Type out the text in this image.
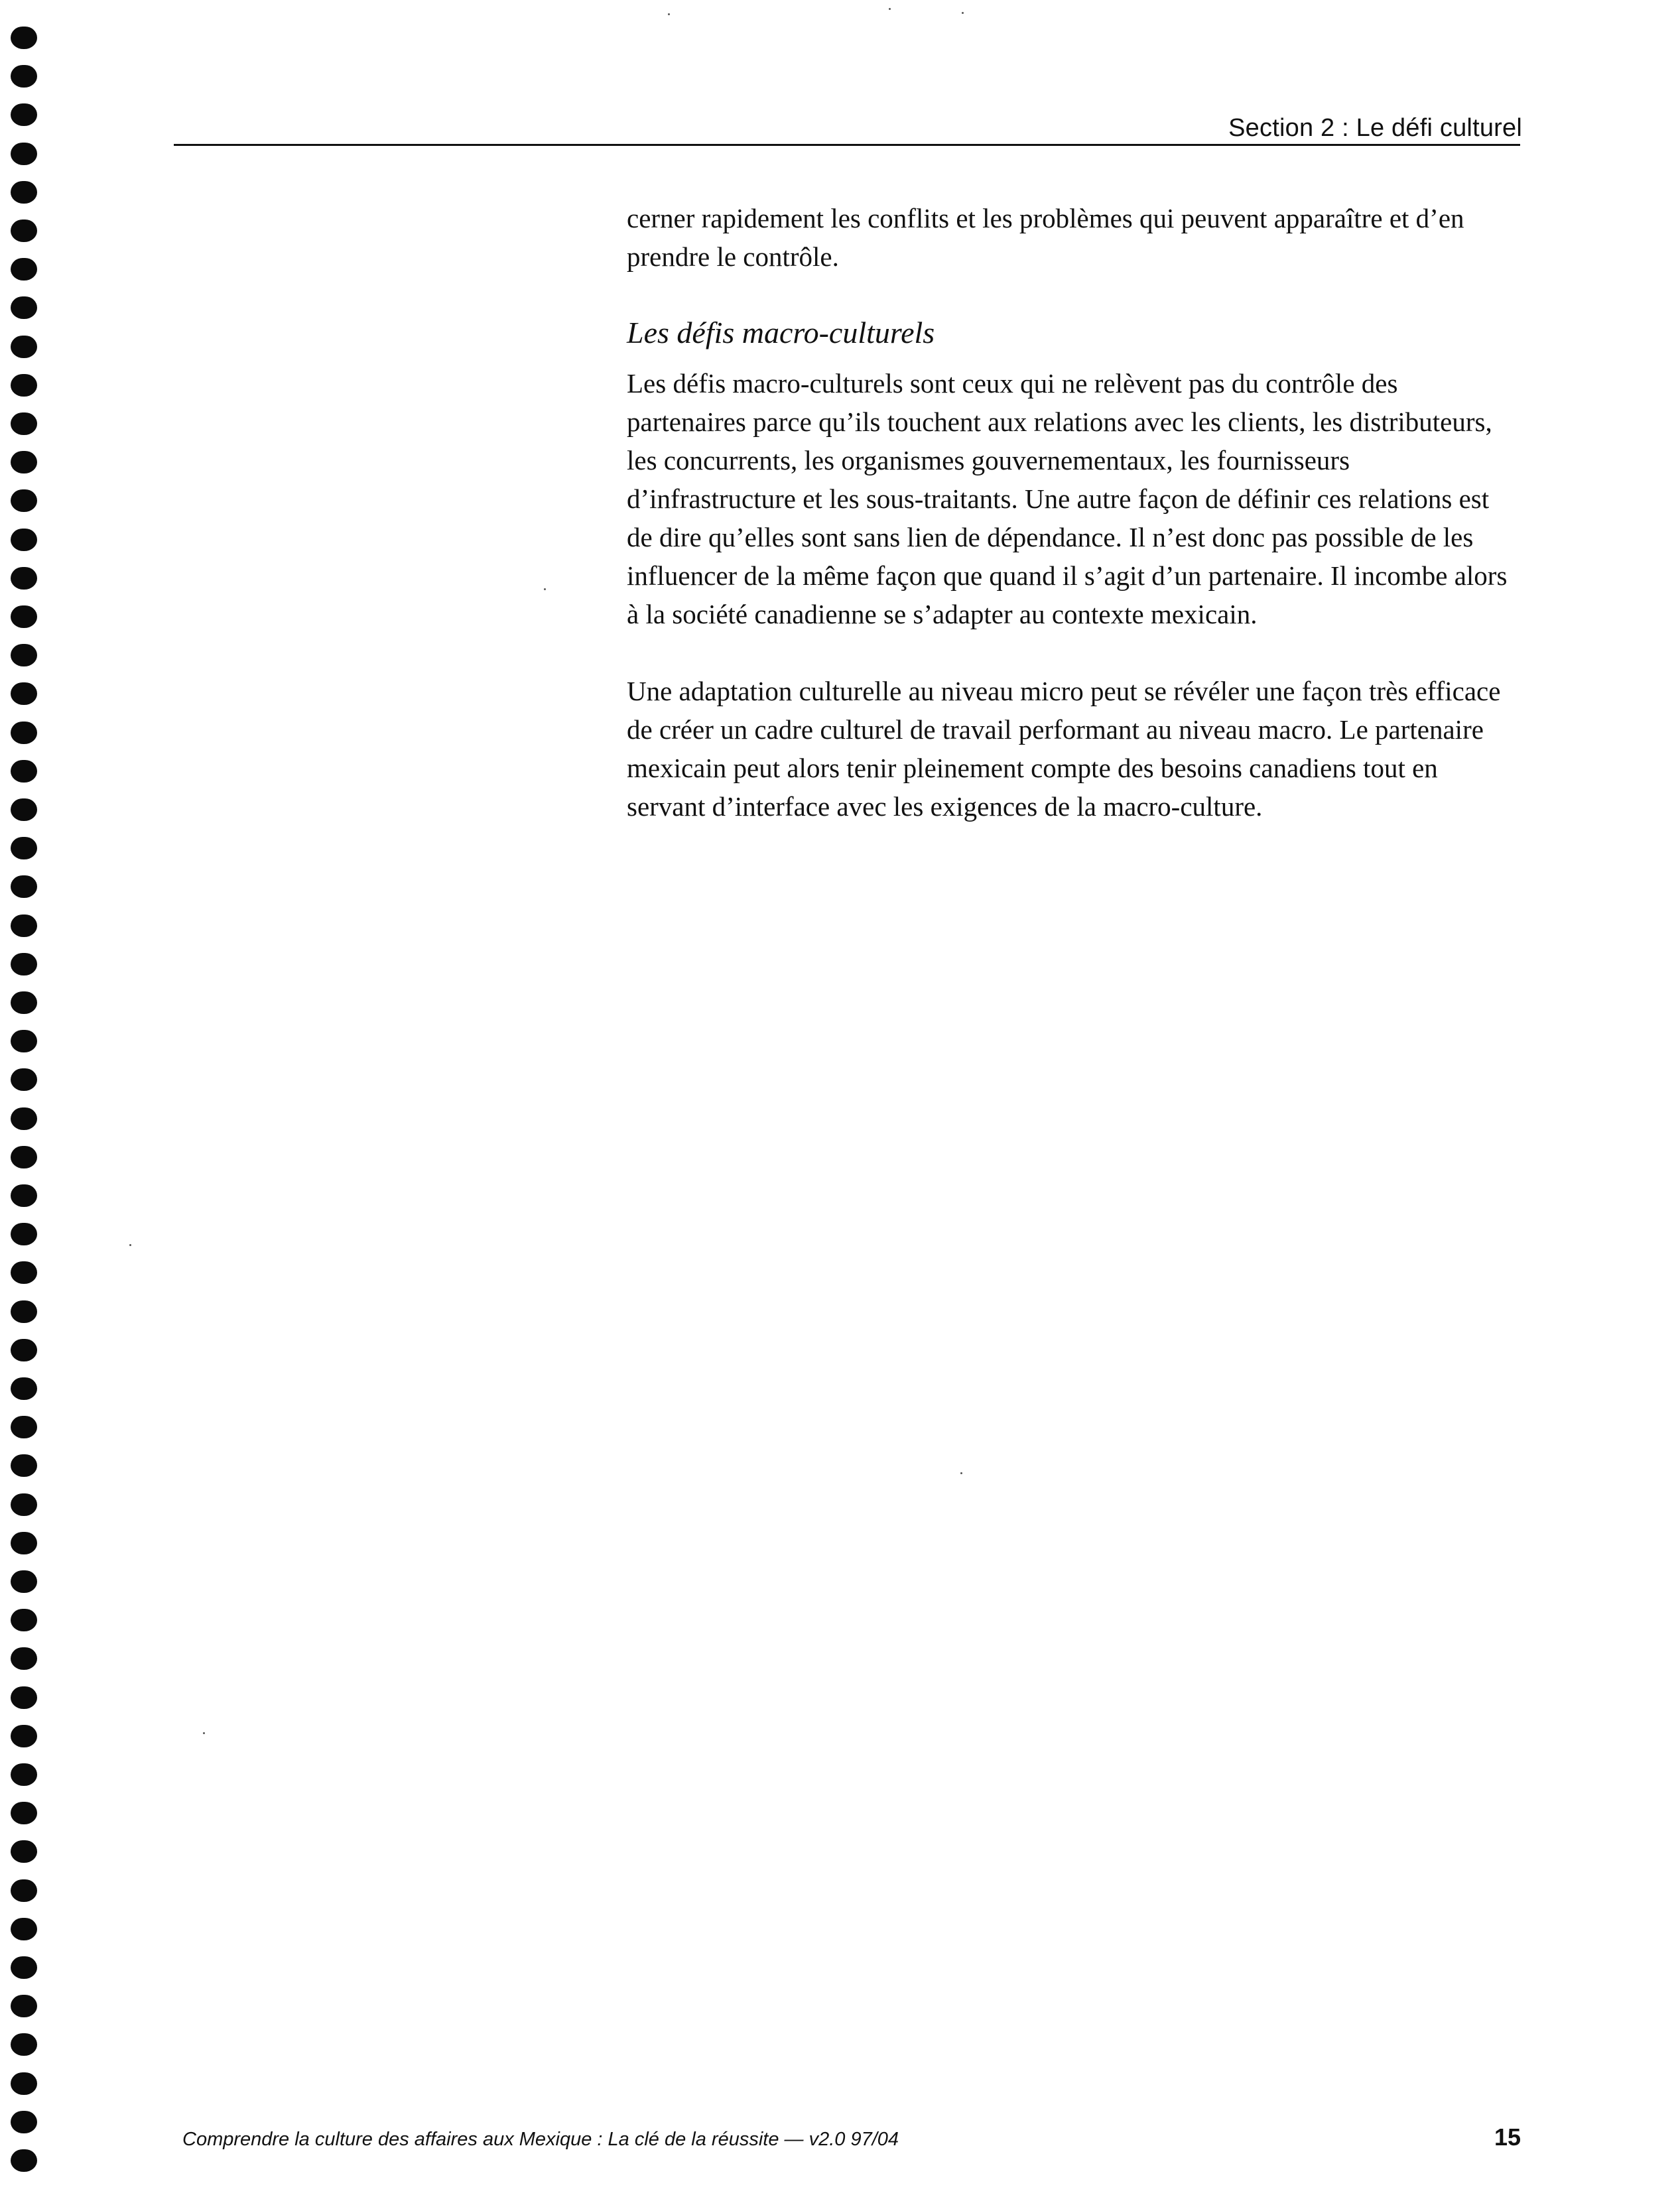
Section 2 : Le défi culturel

cerner rapidement les conflits et les problèmes qui peuvent apparaître et d’en prendre le contrôle.

Les défis macro-culturels

Les défis macro-culturels sont ceux qui ne relèvent pas du contrôle des partenaires parce qu’ils touchent aux relations avec les clients, les distributeurs, les concurrents, les organismes gouvernementaux, les fournisseurs d’infrastructure et les sous-traitants. Une autre façon de définir ces relations est de dire qu’elles sont sans lien de dépendance. Il n’est donc pas possible de les influencer de la même façon que quand il s’agit d’un partenaire. Il incombe alors à la société canadienne se s’adapter au contexte mexicain.

Une adaptation culturelle au niveau micro peut se révéler une façon très efficace de créer un cadre culturel de travail performant au niveau macro. Le partenaire mexicain peut alors tenir pleinement compte des besoins canadiens tout en servant d’interface avec les exigences de la macro-culture.

Comprendre la culture des affaires aux Mexique : La clé de la réussite — v2.0 97/04	15
